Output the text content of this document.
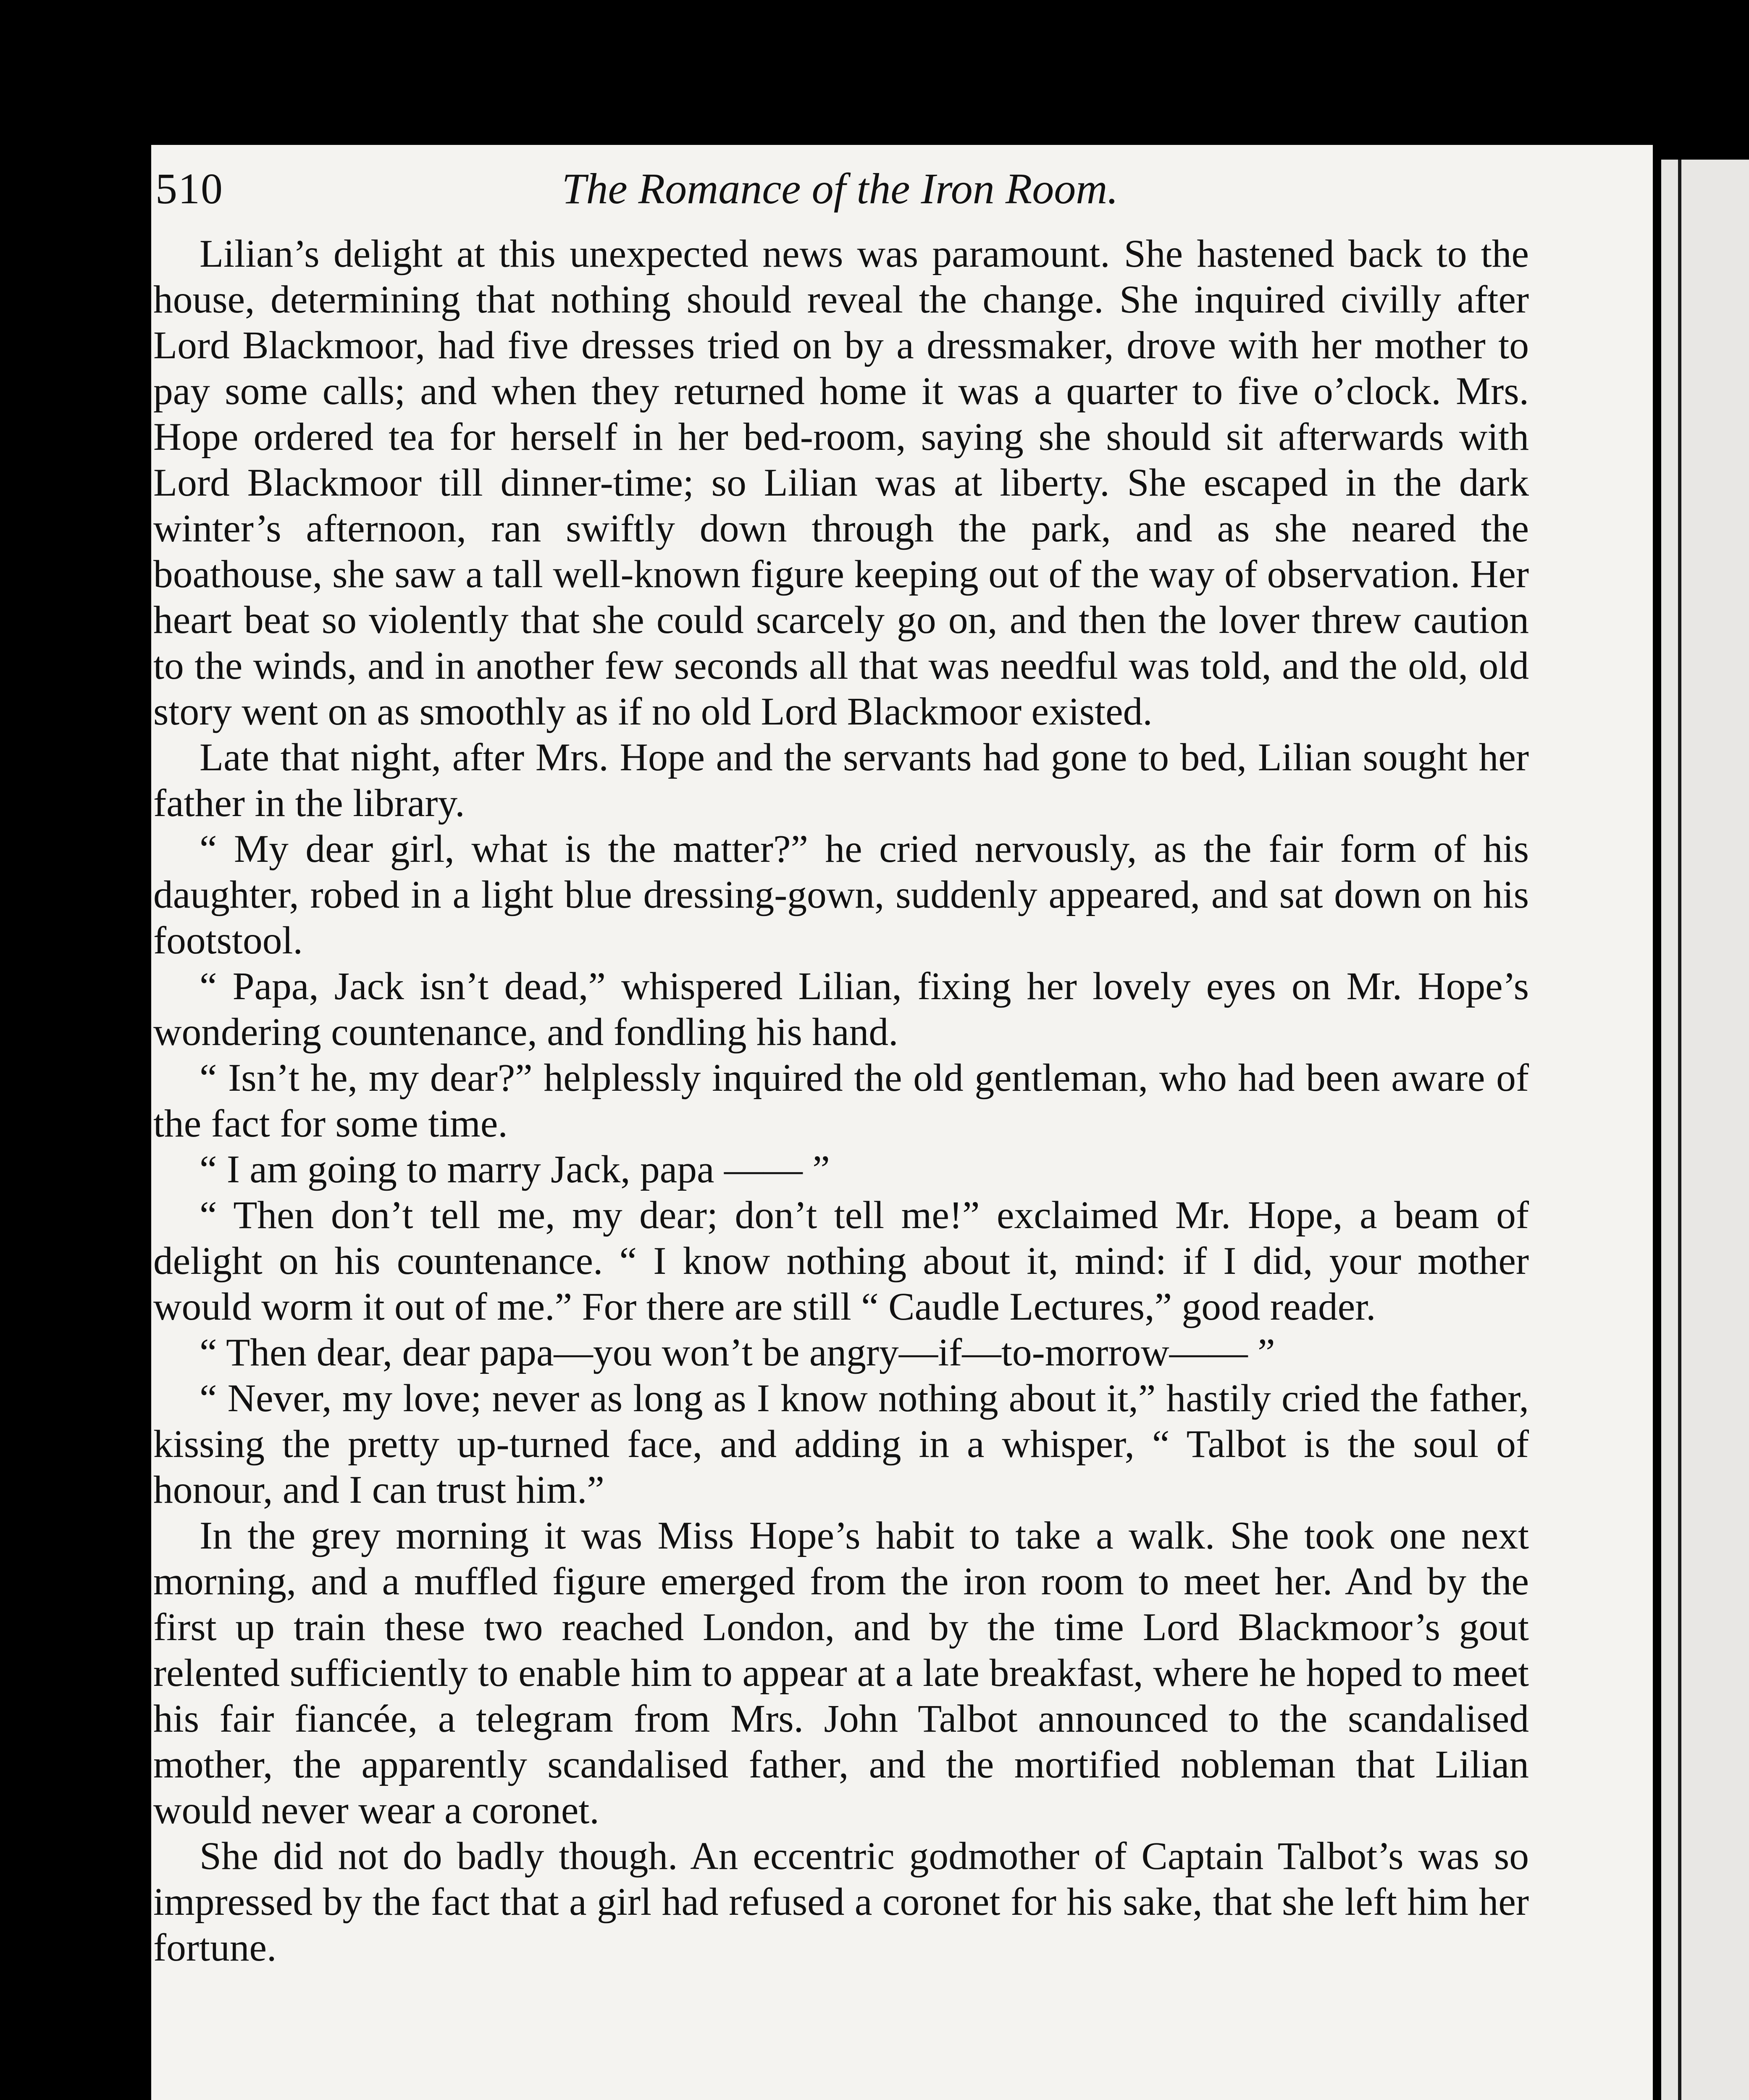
510	The Romance of the Iron Room.

Lilian’s delight at this unexpected news was paramount. She hastened back to the house, determining that nothing should reveal the change. She inquired civilly after Lord Blackmoor, had five dresses tried on by a dressmaker, drove with her mother to pay some calls; and when they returned home it was a quarter to five o’clock. Mrs. Hope ordered tea for herself in her bed-room, saying she should sit afterwards with Lord Blackmoor till dinner-time; so Lilian was at liberty. She escaped in the dark winter’s afternoon, ran swiftly down through the park, and as she neared the boathouse, she saw a tall well-known figure keeping out of the way of observation. Her heart beat so violently that she could scarcely go on, and then the lover threw caution to the winds, and in another few seconds all that was needful was told, and the old, old story went on as smoothly as if no old Lord Blackmoor existed.

Late that night, after Mrs. Hope and the servants had gone to bed, Lilian sought her father in the library.

“ My dear girl, what is the matter?” he cried nervously, as the fair form of his daughter, robed in a light blue dressing-gown, suddenly appeared, and sat down on his footstool.

“ Papa, Jack isn’t dead,” whispered Lilian, fixing her lovely eyes on Mr. Hope’s wondering countenance, and fondling his hand.

“ Isn’t he, my dear?” helplessly inquired the old gentleman, who had been aware of the fact for some time.

“ I am going to marry Jack, papa —— ”

“ Then don’t tell me, my dear; don’t tell me!” exclaimed Mr. Hope, a beam of delight on his countenance. “ I know nothing about it, mind: if I did, your mother would worm it out of me.” For there are still “ Caudle Lectures,” good reader.

“ Then dear, dear papa—you won’t be angry—if—to-morrow—— ”

“ Never, my love; never as long as I know nothing about it,” hastily cried the father, kissing the pretty up-turned face, and adding in a whisper, “ Talbot is the soul of honour, and I can trust him.”

In the grey morning it was Miss Hope’s habit to take a walk. She took one next morning, and a muffled figure emerged from the iron room to meet her. And by the first up train these two reached London, and by the time Lord Blackmoor’s gout relented sufficiently to enable him to appear at a late breakfast, where he hoped to meet his fair fiancée, a telegram from Mrs. John Talbot announced to the scandalised mother, the apparently scandalised father, and the mortified nobleman that Lilian would never wear a coronet.

She did not do badly though. An eccentric godmother of Captain Talbot’s was so impressed by the fact that a girl had refused a coronet for his sake, that she left him her fortune.
